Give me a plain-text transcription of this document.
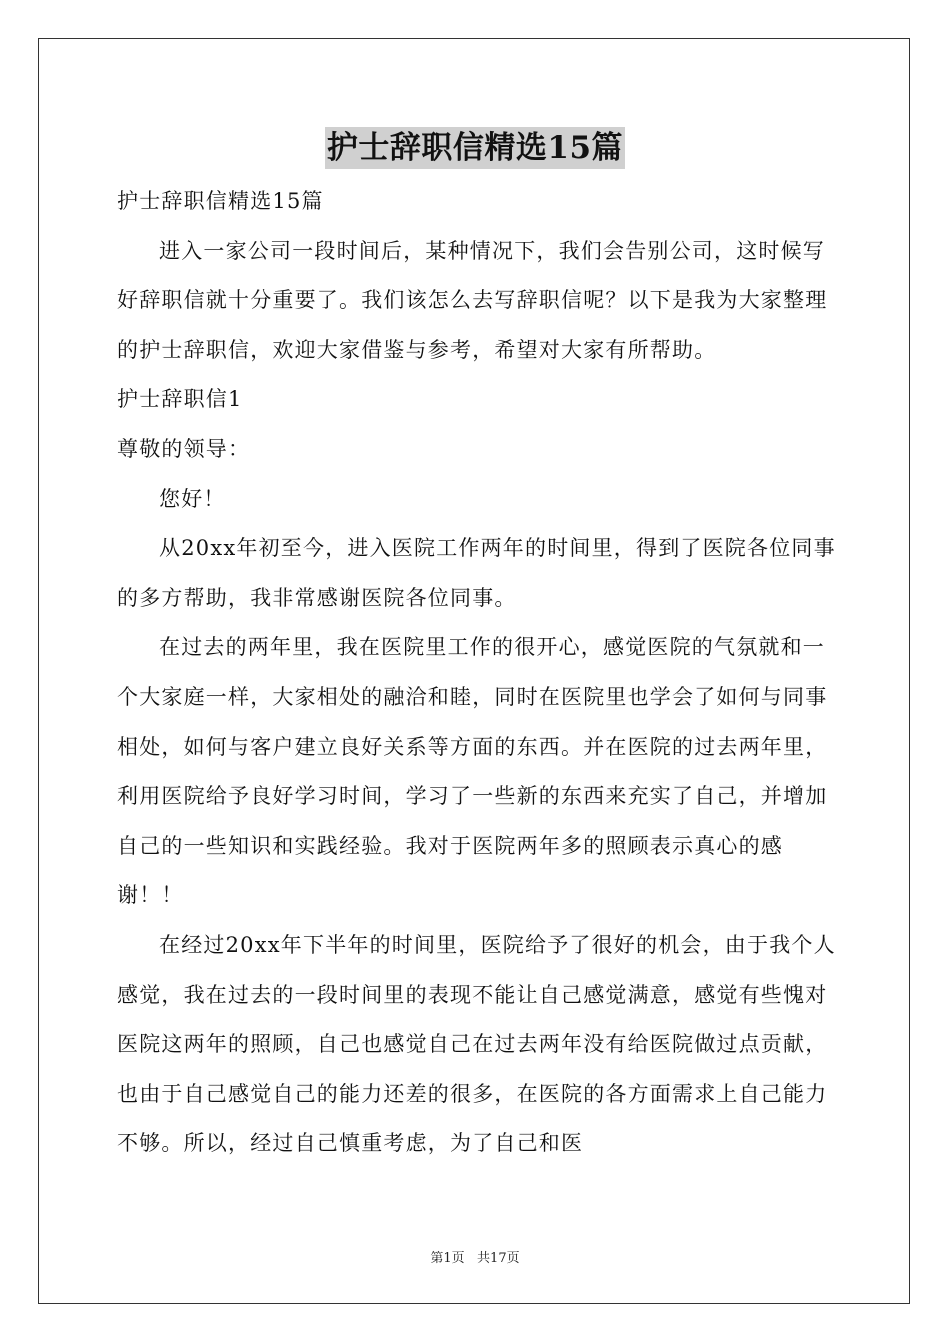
护士辞职信精选15篇

护士辞职信精选15篇

进入一家公司一段时间后，某种情况下，我们会告别公司，这时候写好辞职信就十分重要了。我们该怎么去写辞职信呢？以下是我为大家整理的护士辞职信，欢迎大家借鉴与参考，希望对大家有所帮助。

护士辞职信1

尊敬的领导：

您好！

从20xx年初至今，进入医院工作两年的时间里，得到了医院各位同事的多方帮助，我非常感谢医院各位同事。

在过去的两年里，我在医院里工作的很开心，感觉医院的气氛就和一个大家庭一样，大家相处的融洽和睦，同时在医院里也学会了如何与同事相处，如何与客户建立良好关系等方面的东西。并在医院的过去两年里，利用医院给予良好学习时间，学习了一些新的东西来充实了自己，并增加自己的一些知识和实践经验。我对于医院两年多的照顾表示真心的感谢！！

在经过20xx年下半年的时间里，医院给予了很好的机会，由于我个人感觉，我在过去的一段时间里的表现不能让自己感觉满意，感觉有些愧对医院这两年的照顾，自己也感觉自己在过去两年没有给医院做过点贡献，也由于自己感觉自己的能力还差的很多，在医院的各方面需求上自己能力不够。所以，经过自己慎重考虑，为了自己和医

第1页   共17页
